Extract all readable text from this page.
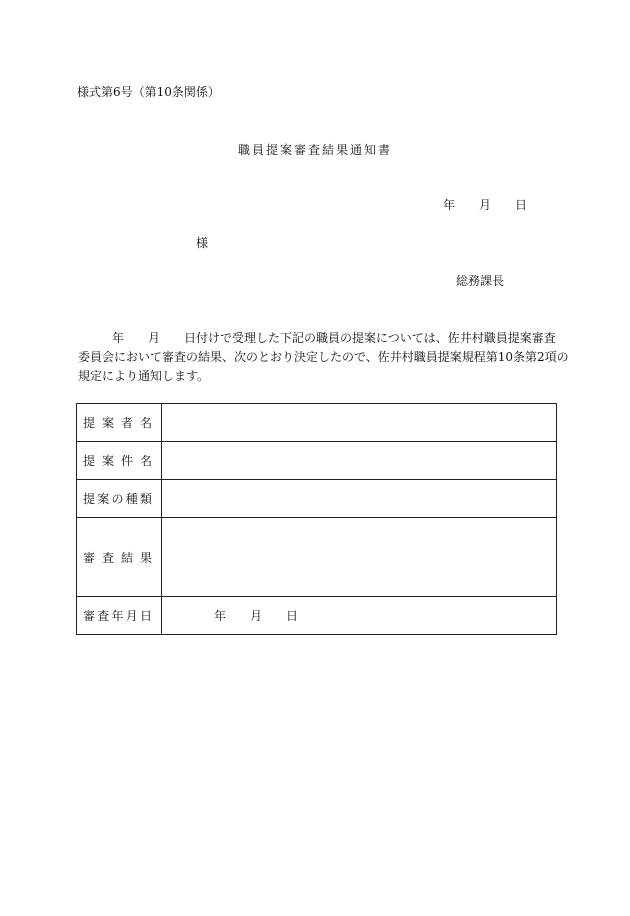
様式第6号（第10条関係）
職員提案審査結果通知書
年 月 日
様
総務課長
年 月 日付けで受理した下記の職員の提案については、佐井村職員提案審査
委員会において審査の結果、次のとおり決定したので、佐井村職員提案規程第10条第2項の
規定により通知します。
提案者名	
提案件名	
提案の種類	
審査結果	
審査年月日	年 月 日
